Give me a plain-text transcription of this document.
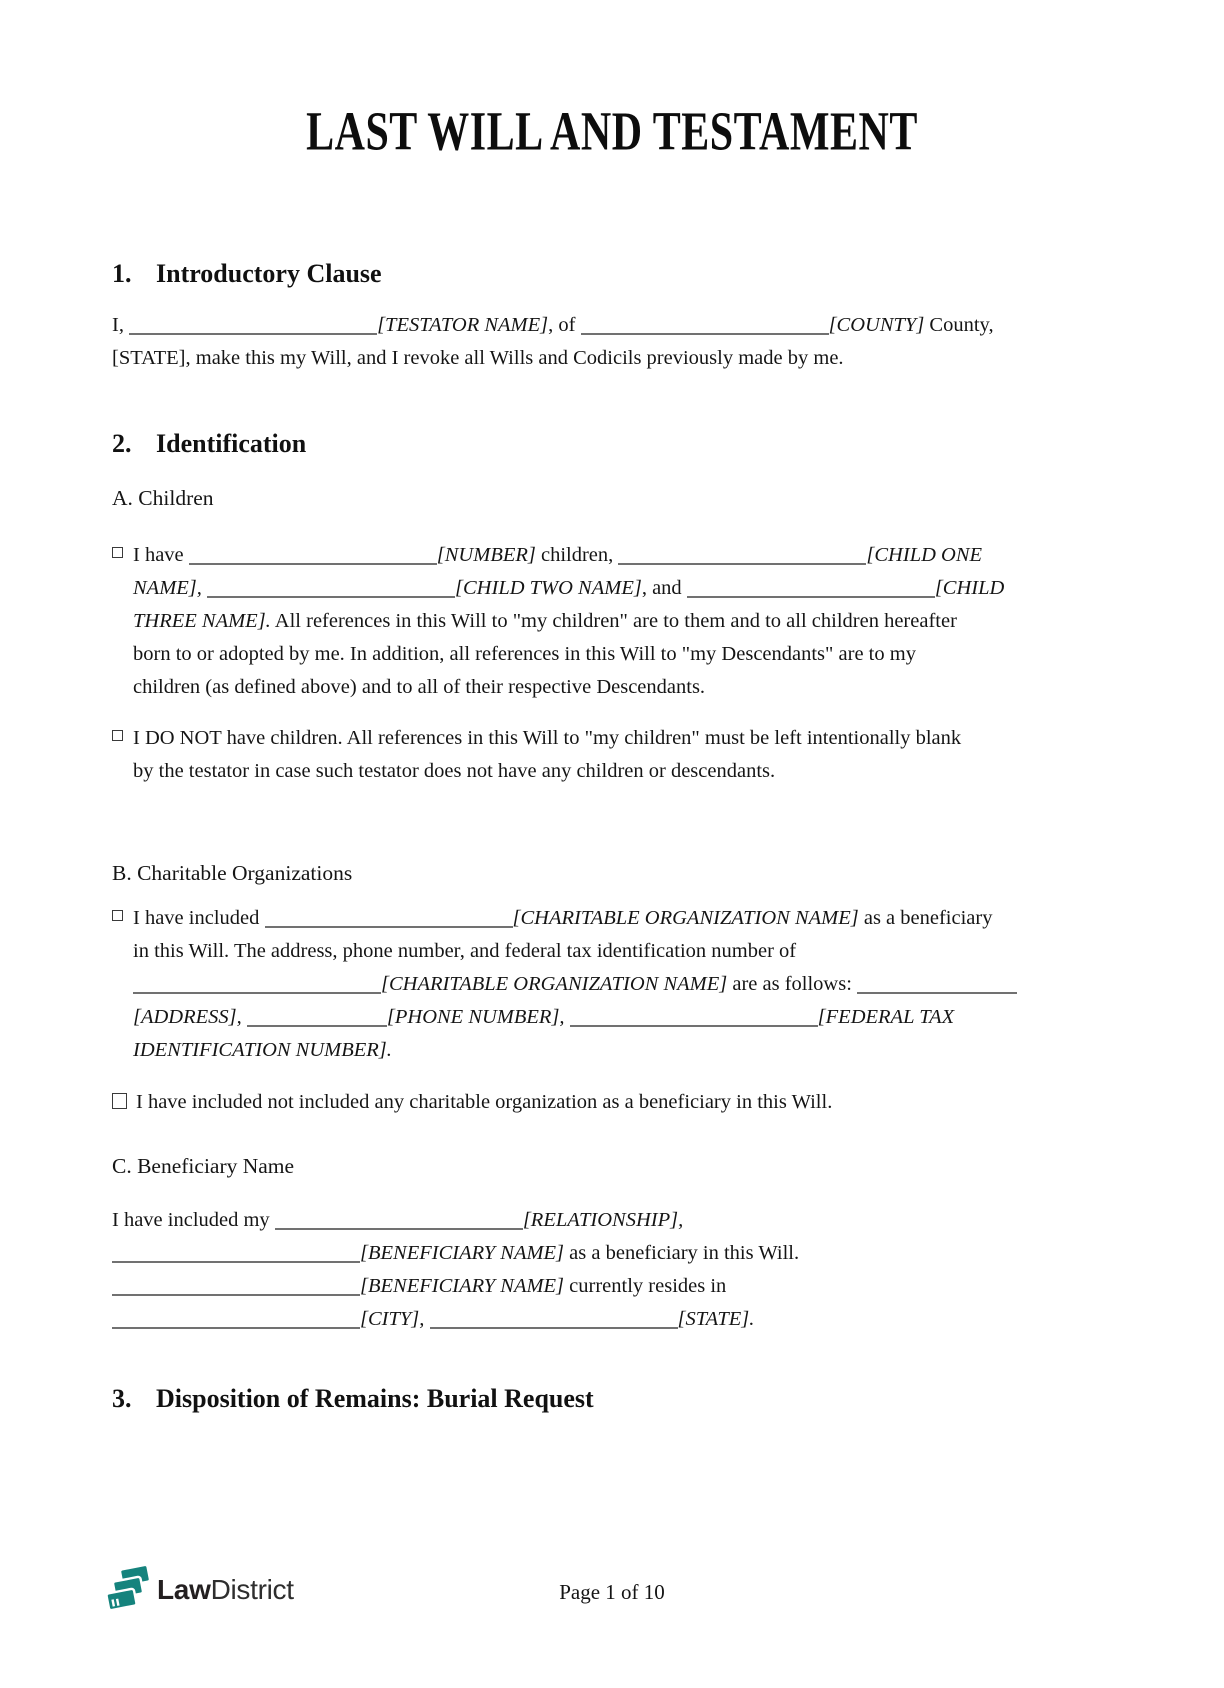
LAST WILL AND TESTAMENT
1. Introductory Clause
I,	[TESTATOR NAME], of	[COUNTY] County,
[STATE], make this my Will, and I revoke all Wills and Codicils previously made by me.
2. Identification
A. Children
I have	[NUMBER] children,	[CHILD ONE
NAME],	[CHILD TWO NAME], and	[CHILD
THREE NAME]. All references in this Will to "my children" are to them and to all children hereafter
born to or adopted by me. In addition, all references in this Will to "my Descendants" are to my
children (as defined above) and to all of their respective Descendants.
I DO NOT have children. All references in this Will to "my children" must be left intentionally blank
by the testator in case such testator does not have any children or descendants.
B. Charitable Organizations
I have included	[CHARITABLE ORGANIZATION NAME] as a beneficiary
in this Will. The address, phone number, and federal tax identification number of
[CHARITABLE ORGANIZATION NAME] are as follows:
[ADDRESS],	[PHONE NUMBER],	[FEDERAL TAX
IDENTIFICATION NUMBER].
I have included not included any charitable organization as a beneficiary in this Will.
C. Beneficiary Name
I have included my	[RELATIONSHIP],
[BENEFICIARY NAME] as a beneficiary in this Will.
[BENEFICIARY NAME] currently resides in
[CITY],	[STATE].
3. Disposition of Remains: Burial Request
LawDistrict	Page 1 of 10
